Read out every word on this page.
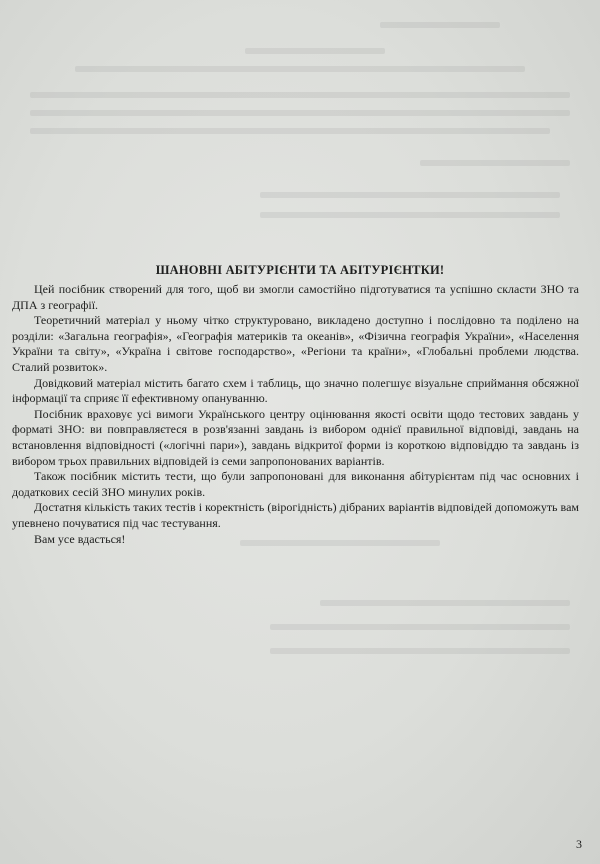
ШАНОВНІ АБІТУРІЄНТИ ТА АБІТУРІЄНТКИ!

Цей посібник створений для того, щоб ви змогли самостійно підготуватися та успішно скласти ЗНО та ДПА з географії.

Теоретичний матеріал у ньому чітко структуровано, викладено доступно і послідовно та поділено на розділи: «Загальна географія», «Географія материків та океанів», «Фізична географія України», «Населення України та світу», «Україна і світове господарство», «Регіони та країни», «Глобальні проблеми людства. Сталий розвиток».

Довідковий матеріал містить багато схем і таблиць, що значно полегшує візуальне сприймання обсяжної інформації та сприяє її ефективному опануванню.

Посібник враховує усі вимоги Українського центру оцінювання якості освіти щодо тестових завдань у форматі ЗНО: ви повправляєтеся в розв'язанні завдань із вибором однієї правильної відповіді, завдань на встановлення відповідності («логічні пари»), завдань відкритої форми із короткою відповіддю та завдань із вибором трьох правильних відповідей із семи запропонованих варіантів.

Також посібник містить тести, що були запропоновані для виконання абітурієнтам під час основних і додаткових сесій ЗНО минулих років.

Достатня кількість таких тестів і коректність (вірогідність) дібраних варіантів відповідей допоможуть вам упевнено почуватися під час тестування.

Вам усе вдасться!

3
